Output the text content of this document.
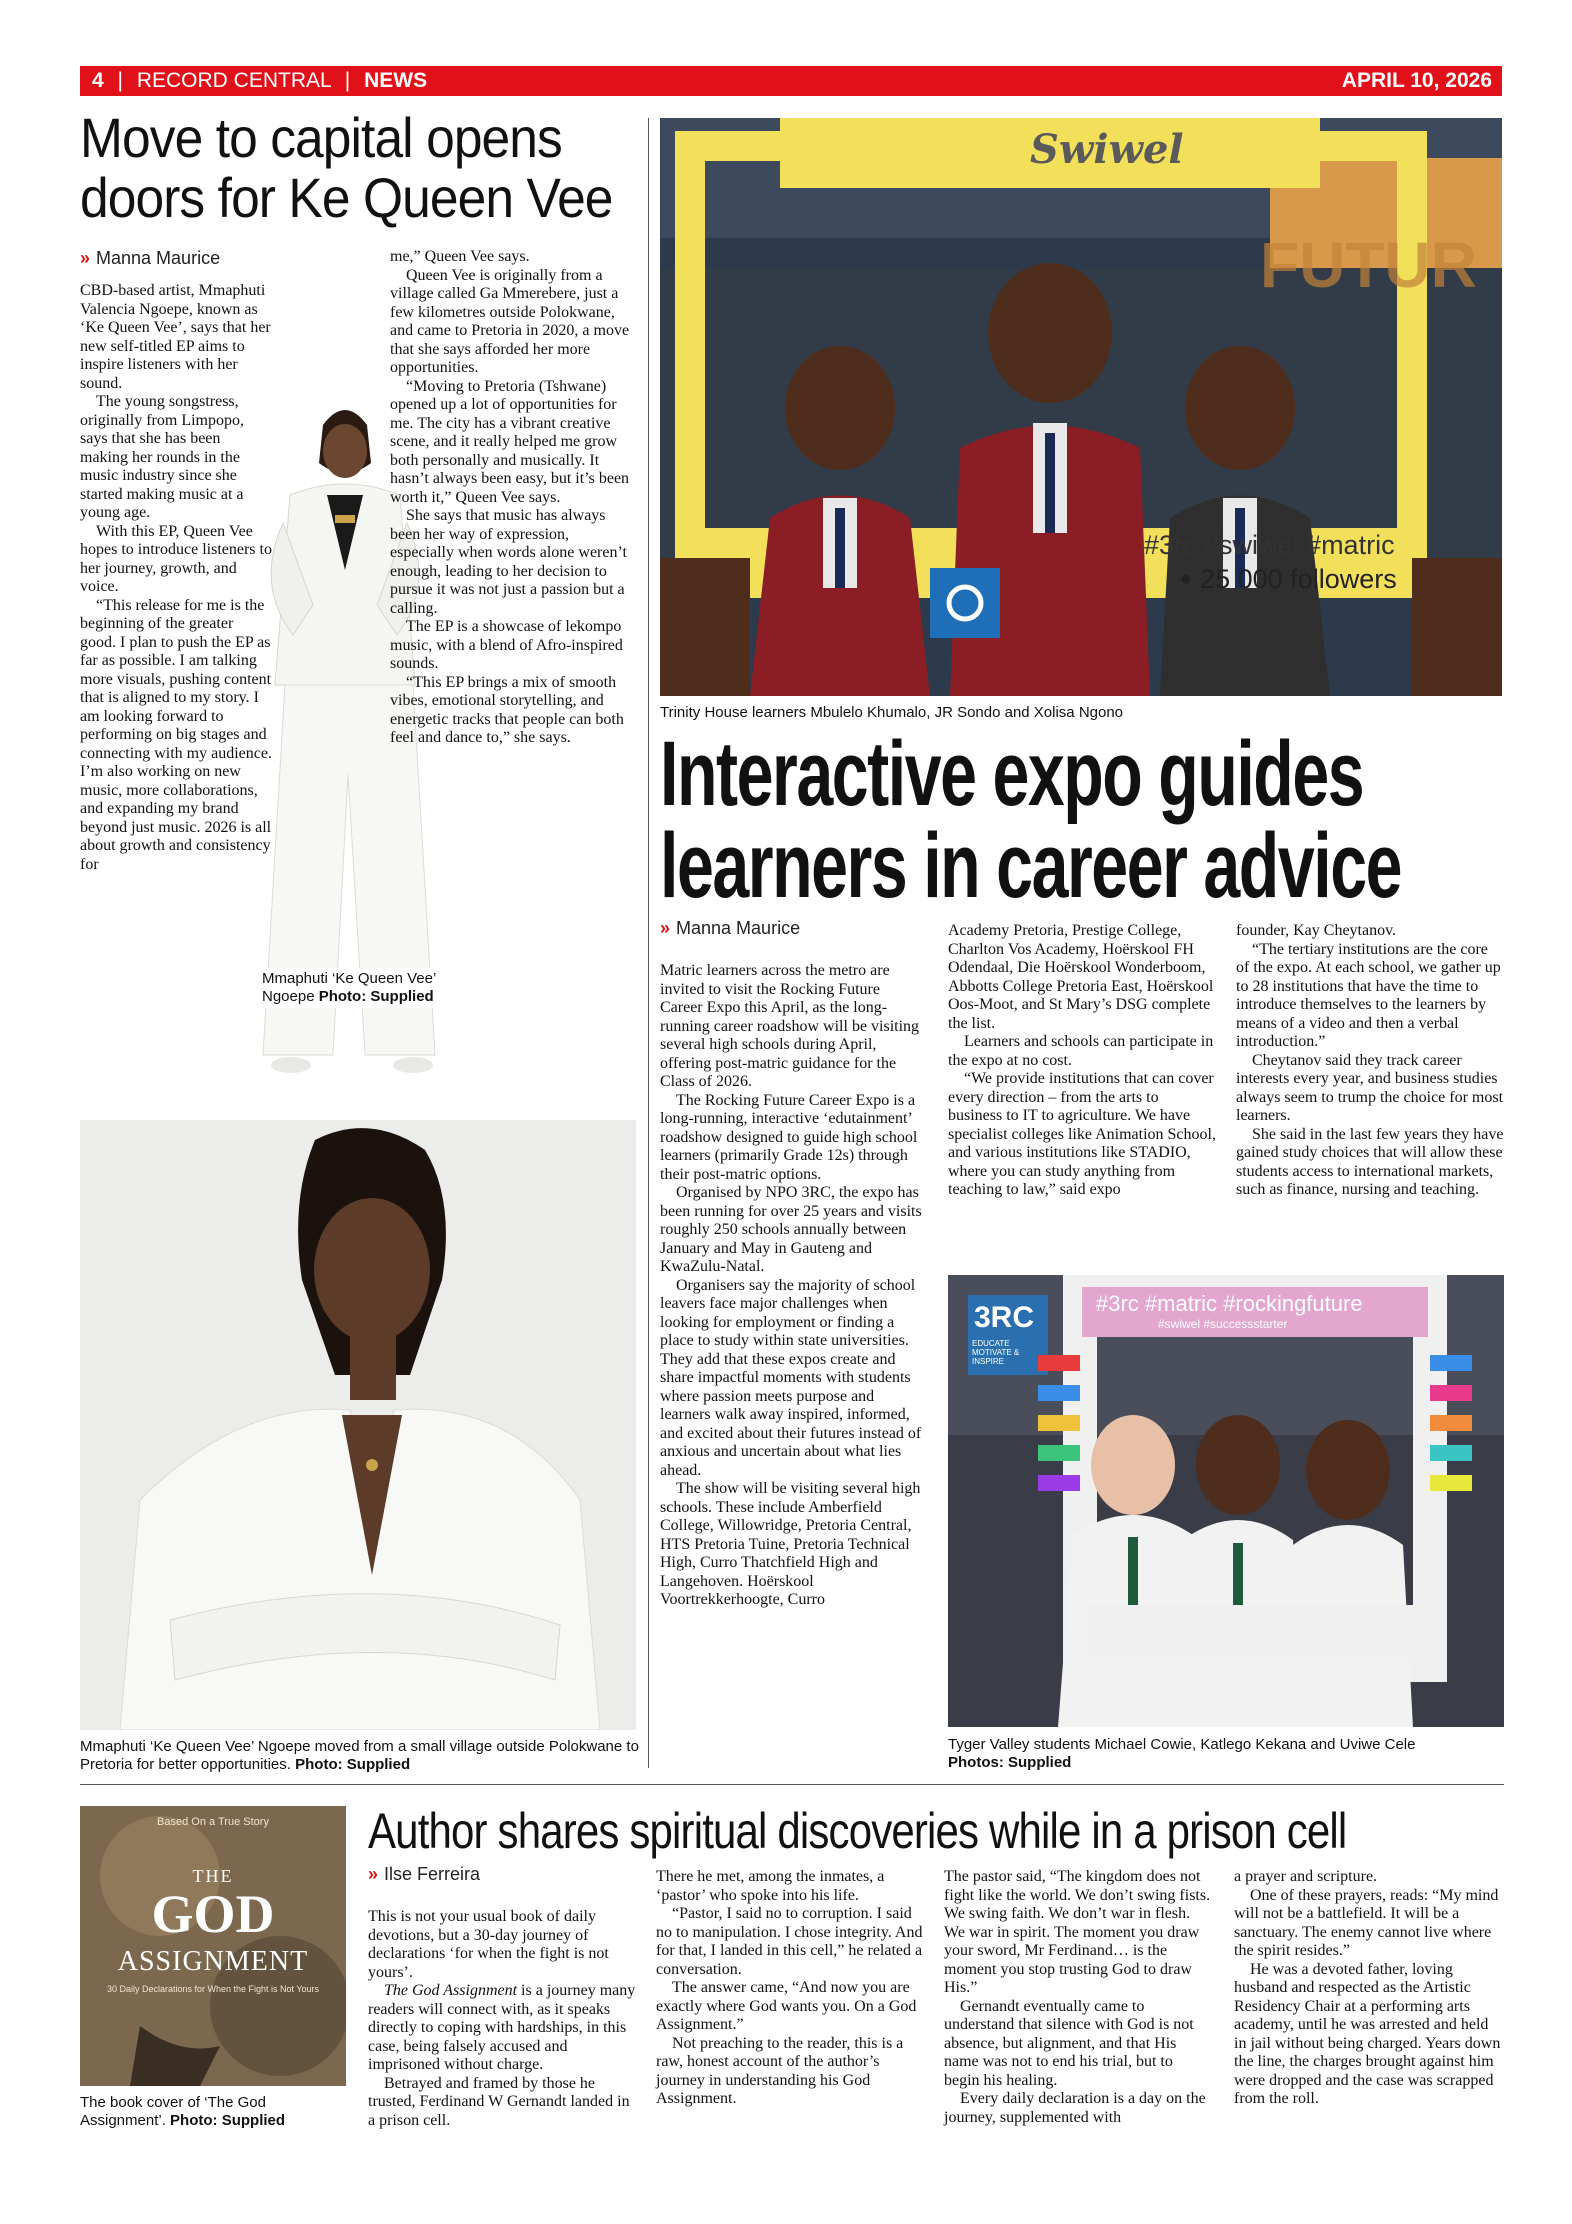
4 | RECORD CENTRAL | NEWS	APRIL 10, 2026
Move to capital opens
doors for Ke Queen Vee
» Manna Maurice

CBD-based artist, Mmaphuti Valencia Ngoepe, known as ‘Ke Queen Vee’, says that her new self-titled EP aims to inspire listeners with her sound.

The young songstress, originally from Limpopo, says that she has been making her rounds in the music industry since she started making music at a young age.

With this EP, Queen Vee hopes to introduce listeners to her journey, growth, and voice.

“This release for me is the beginning of the greater good. I plan to push the EP as far as possible. I am talking more visuals, pushing content that is aligned to my story. I am looking forward to performing on big stages and connecting with my audience. I’m also working on new music, more collaborations, and expanding my brand beyond just music. 2026 is all about growth and consistency for

me,” Queen Vee says.

Queen Vee is originally from a village called Ga Mmerebere, just a few kilometres outside Polokwane, and came to Pretoria in 2020, a move that she says afforded her more opportunities.

“Moving to Pretoria (Tshwane) opened up a lot of opportunities for me. The city has a vibrant creative scene, and it really helped me grow both personally and musically. It hasn’t always been easy, but it’s been worth it,” Queen Vee says.

She says that music has always been her way of expression, especially when words alone weren’t enough, leading to her decision to pursue it was not just a passion but a calling.

The EP is a showcase of lekompo music, with a blend of Afro-inspired sounds.

“This EP brings a mix of smooth vibes, emotional storytelling, and energetic tracks that people can both feel and dance to,” she says.

Mmaphuti ‘Ke Queen Vee’ Ngoepe Photo: Supplied
Mmaphuti ‘Ke Queen Vee’ Ngoepe moved from a small village outside Polokwane to Pretoria for better opportunities. Photo: Supplied
Swiwel
FUTUR
#3rc #swiwel #matric
● 25 000 followers
Trinity House learners Mbulelo Khumalo, JR Sondo and Xolisa Ngono
Interactive expo guides
learners in career advice
» Manna Maurice

Matric learners across the metro are invited to visit the Rocking Future Career Expo this April, as the long-running career roadshow will be visiting several high schools during April, offering post-matric guidance for the Class of 2026.

The Rocking Future Career Expo is a long-running, interactive ‘edutainment’ roadshow designed to guide high school learners (primarily Grade 12s) through their post-matric options.

Organised by NPO 3RC, the expo has been running for over 25 years and visits roughly 250 schools annually between January and May in Gauteng and KwaZulu-Natal.

Organisers say the majority of school leavers face major challenges when looking for employment or finding a place to study within state universities. They add that these expos create and share impactful moments with students where passion meets purpose and learners walk away inspired, informed, and excited about their futures instead of anxious and uncertain about what lies ahead.

The show will be visiting several high schools. These include Amberfield College, Willowridge, Pretoria Central, HTS Pretoria Tuine, Pretoria Technical High, Curro Thatchfield High and Langehoven. Hoërskool Voortrekkerhoogte, Curro

Academy Pretoria, Prestige College, Charlton Vos Academy, Hoërskool FH Odendaal, Die Hoërskool Wonderboom, Abbotts College Pretoria East, Hoërskool Oos-Moot, and St Mary’s DSG complete the list.

Learners and schools can participate in the expo at no cost.

“We provide institutions that can cover every direction – from the arts to business to IT to agriculture. We have specialist colleges like Animation School, and various institutions like STADIO, where you can study anything from teaching to law,” said expo

founder, Kay Cheytanov.

“The tertiary institutions are the core of the expo. At each school, we gather up to 28 institutions that have the time to introduce themselves to the learners by means of a video and then a verbal introduction.”

Cheytanov said they track career interests every year, and business studies always seem to trump the choice for most learners.

She said in the last few years they have gained study choices that will allow these students access to international markets, such as finance, nursing and teaching.

#3rc #matric #rockingfuture
#swiwel #successstarter
3RC
EDUCATE MOTIVATE & INSPIRE
Tyger Valley students Michael Cowie, Katlego Kekana and Uviwe Cele
Photos: Supplied
Based On a True Story
THE
GOD
ASSIGNMENT
30 Daily Declarations for When the Fight is Not Yours
The book cover of ‘The God Assignment’. Photo: Supplied
Author shares spiritual discoveries while in a prison cell
» Ilse Ferreira

This is not your usual book of daily devotions, but a 30-day journey of declarations ‘for when the fight is not yours’.

The God Assignment is a journey many readers will connect with, as it speaks directly to coping with hardships, in this case, being falsely accused and imprisoned without charge.

Betrayed and framed by those he trusted, Ferdinand W Gernandt landed in a prison cell.

There he met, among the inmates, a ‘pastor’ who spoke into his life.

“Pastor, I said no to corruption. I said no to manipulation. I chose integrity. And for that, I landed in this cell,” he related a conversation.

The answer came, “And now you are exactly where God wants you. On a God Assignment.”

Not preaching to the reader, this is a raw, honest account of the author’s journey in understanding his God Assignment.

The pastor said, “The kingdom does not fight like the world. We don’t swing fists. We swing faith. We don’t war in flesh. We war in spirit. The moment you draw your sword, Mr Ferdinand… is the moment you stop trusting God to draw His.”

Gernandt eventually came to understand that silence with God is not absence, but alignment, and that His name was not to end his trial, but to begin his healing.

Every daily declaration is a day on the journey, supplemented with

a prayer and scripture.

One of these prayers, reads: “My mind will not be a battlefield. It will be a sanctuary. The enemy cannot live where the spirit resides.”

He was a devoted father, loving husband and respected as the Artistic Residency Chair at a performing arts academy, until he was arrested and held in jail without being charged. Years down the line, the charges brought against him were dropped and the case was scrapped from the roll.
